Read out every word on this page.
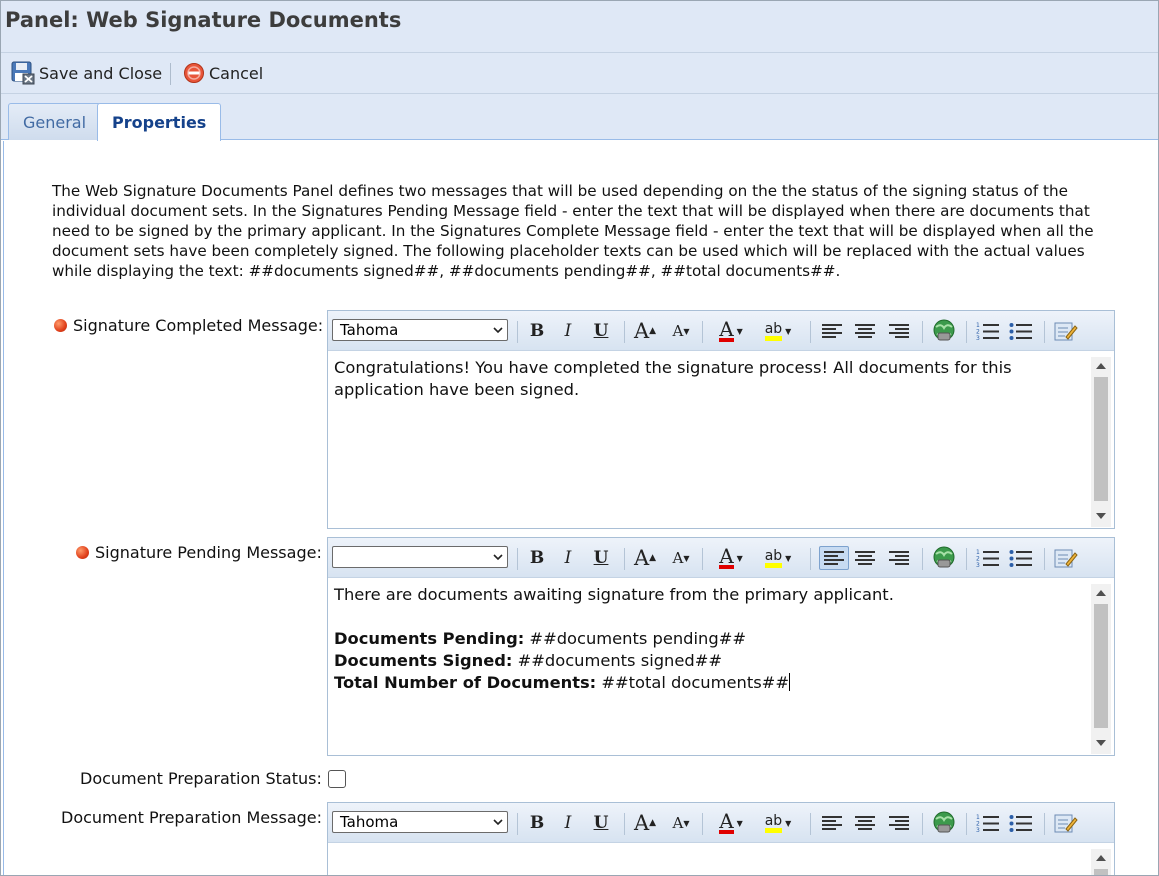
Panel: Web Signature Documents
Save and Close	Cancel
General	Properties

The Web Signature Documents Panel defines two messages that will be used depending on the the status of the signing status of the individual document sets. In the Signatures Pending Message field - enter the text that will be displayed when there are documents that need to be signed by the primary applicant. In the Signatures Complete Message field - enter the text that will be displayed when all the document sets have been completely signed. The following placeholder texts can be used which will be replaced with the actual values while displaying the text: ##documents signed##, ##documents pending##, ##total documents##.

Signature Completed Message:	Tahoma	B	I	U A ▲ A ▼ A ▼ ab ▼
1
2
3
Congratulations! You have completed the signature process! All documents for this application have been signed.
Signature Pending Message:	B	I	U A ▲ A ▼ A ▼ ab ▼
1
2
3
There are documents awaiting signature from the primary applicant.
Documents Pending: ##documents pending##
Documents Signed: ##documents signed##
Total Number of Documents: ##total documents##
Document Preparation Status:
Document Preparation Message:	Tahoma	B	I	U A ▲ A ▼ A ▼ ab ▼
1
2
3
